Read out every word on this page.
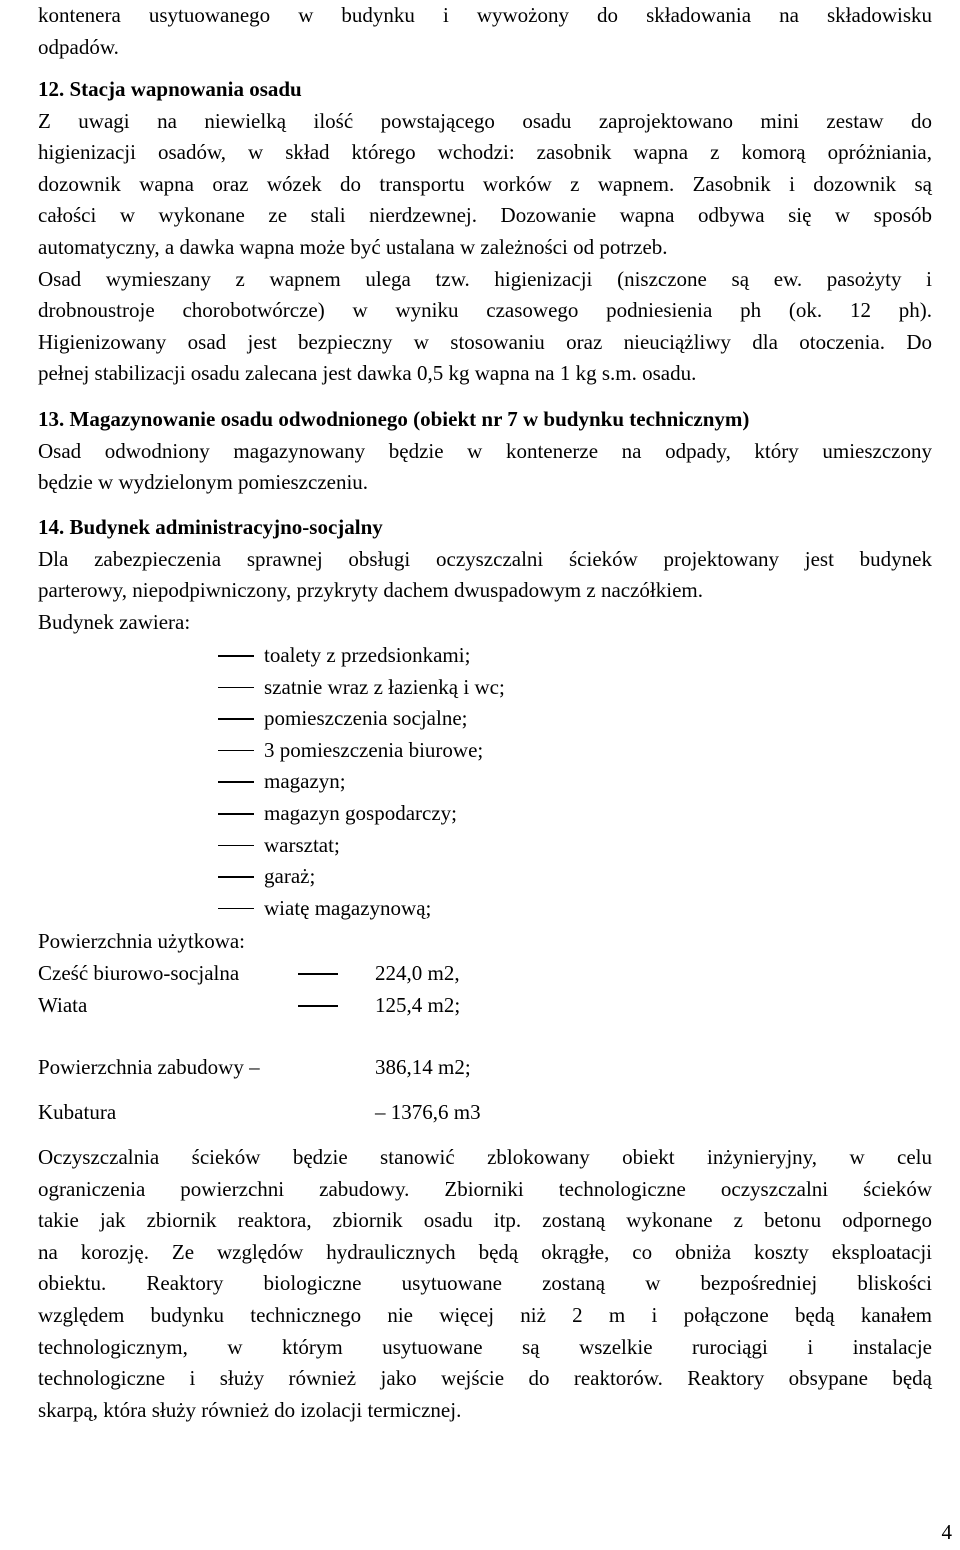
kontenera usytuowanego w budynku i wywożony do składowania na składowisku
odpadów.
12. Stacja wapnowania osadu
Z uwagi na niewielką ilość powstającego osadu zaprojektowano mini zestaw do
higienizacji osadów, w skład którego wchodzi: zasobnik wapna z komorą opróżniania,
dozownik wapna oraz wózek do transportu worków z wapnem. Zasobnik i dozownik są
całości w wykonane ze stali nierdzewnej. Dozowanie wapna odbywa się w sposób
automatyczny, a dawka wapna może być ustalana w zależności od potrzeb.
Osad wymieszany z wapnem ulega tzw. higienizacji (niszczone są ew. pasożyty i
drobnoustroje chorobotwórcze) w wyniku czasowego podniesienia ph (ok. 12 ph).
Higienizowany osad jest bezpieczny w stosowaniu oraz nieuciążliwy dla otoczenia. Do
pełnej stabilizacji osadu zalecana jest dawka 0,5 kg wapna na 1 kg s.m. osadu.
13. Magazynowanie osadu odwodnionego (obiekt nr 7 w budynku technicznym)
Osad odwodniony magazynowany będzie w kontenerze na odpady, który umieszczony
będzie w wydzielonym pomieszczeniu.
14. Budynek administracyjno-socjalny
Dla zabezpieczenia sprawnej obsługi oczyszczalni ścieków projektowany jest budynek
parterowy, niepodpiwniczony, przykryty dachem dwuspadowym z naczółkiem.
Budynek zawiera:
toalety z przedsionkami;
szatnie wraz z łazienką i wc;
pomieszczenia socjalne;
3 pomieszczenia biurowe;
magazyn;
magazyn gospodarczy;
warsztat;
garaż;
wiatę magazynową;
Powierzchnia użytkowa:
Cześć biurowo-socjalna	224,0 m2,
Wiata	125,4 m2;
Powierzchnia zabudowy –	386,14 m2;
Kubatura	– 1376,6 m3
Oczyszczalnia ścieków będzie stanowić zblokowany obiekt inżynieryjny, w celu
ograniczenia powierzchni zabudowy. Zbiorniki technologiczne oczyszczalni ścieków
takie jak zbiornik reaktora, zbiornik osadu itp. zostaną wykonane z betonu odpornego
na korozję. Ze względów hydraulicznych będą okrągłe, co obniża koszty eksploatacji
obiektu. Reaktory biologiczne usytuowane zostaną w bezpośredniej bliskości
względem budynku technicznego nie więcej niż 2 m i połączone będą kanałem
technologicznym, w którym usytuowane są wszelkie rurociągi i instalacje
technologiczne i służy również jako wejście do reaktorów. Reaktory obsypane będą
skarpą, która służy również do izolacji termicznej.
4
